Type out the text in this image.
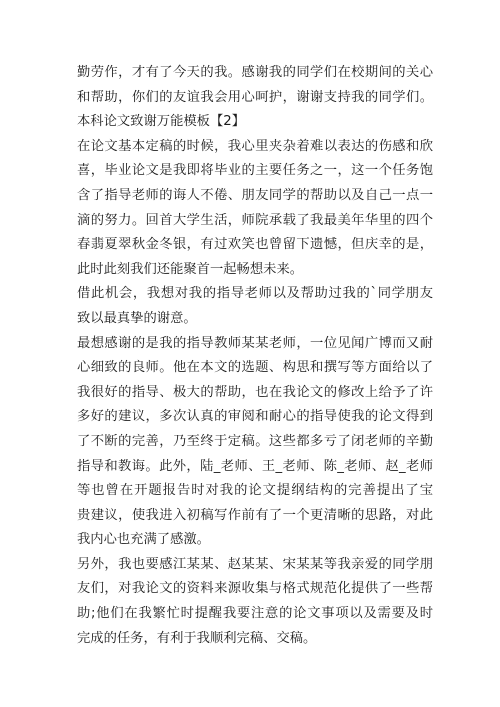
勤劳作，才有了今天的我。感谢我的同学们在校期间的关心
和帮助，你们的友谊我会用心呵护，谢谢支持我的同学们。
本科论文致谢万能模板【2】
在论文基本定稿的时候，我心里夹杂着难以表达的伤感和欣
喜，毕业论文是我即将毕业的主要任务之一，这一个任务饱
含了指导老师的诲人不倦、朋友同学的帮助以及自己一点一
滴的努力。回首大学生活，师院承载了我最美年华里的四个
春翡夏翠秋金冬银，有过欢笑也曾留下遗憾，但庆幸的是，
此时此刻我们还能聚首一起畅想未来。
借此机会，我想对我的指导老师以及帮助过我的`同学朋友
致以最真挚的谢意。
最想感谢的是我的指导教师某某老师，一位见闻广博而又耐
心细致的良师。他在本文的选题、构思和撰写等方面给以了
我很好的指导、极大的帮助，也在我论文的修改上给予了许
多好的建议，多次认真的审阅和耐心的指导使我的论文得到
了不断的完善，乃至终于定稿。这些都多亏了闭老师的辛勤
指导和教诲。此外，陆_老师、王_老师、陈_老师、赵_老师
等也曾在开题报告时对我的论文提纲结构的完善提出了宝
贵建议，使我进入初稿写作前有了一个更清晰的思路，对此
我内心也充满了感激。
另外，我也要感江某某、赵某某、宋某某等我亲爱的同学朋
友们，对我论文的资料来源收集与格式规范化提供了一些帮
助;他们在我繁忙时提醒我要注意的论文事项以及需要及时
完成的任务，有利于我顺利完稿、交稿。
